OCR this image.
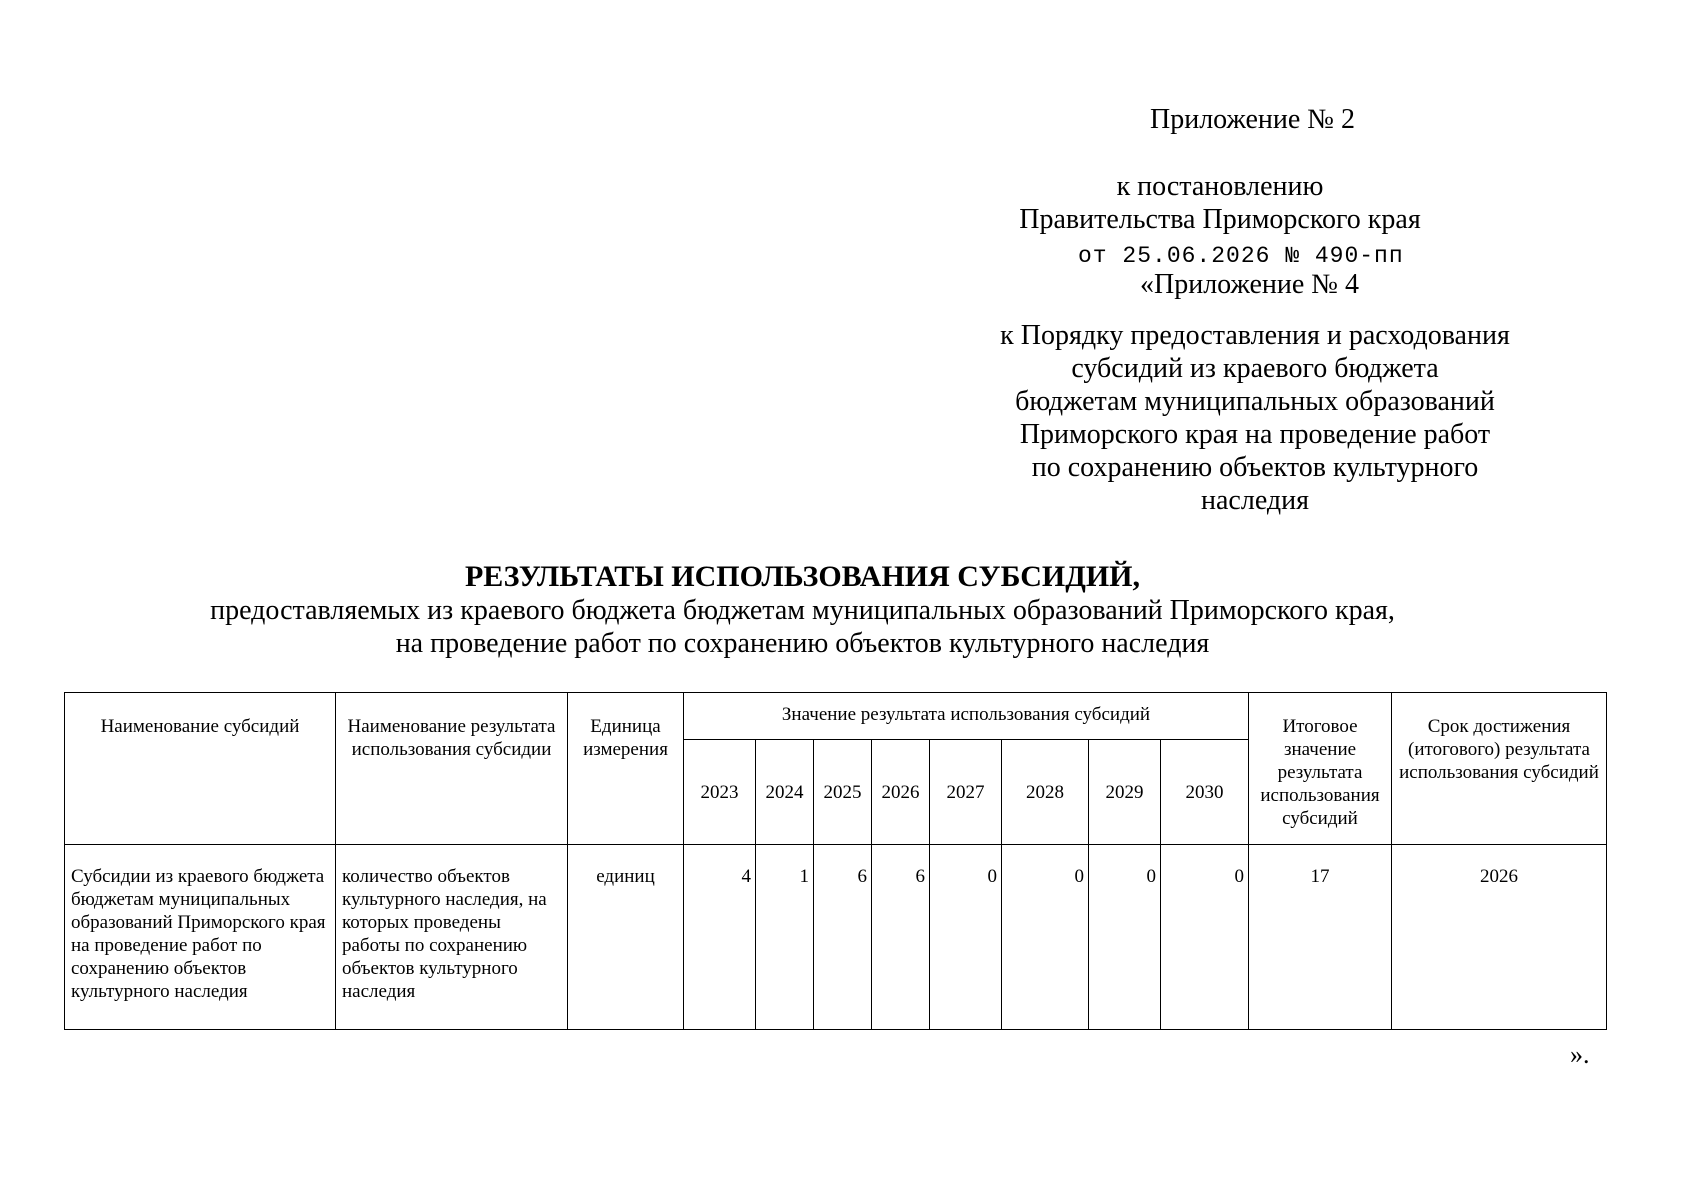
Приложение № 2
к постановлению
Правительства Приморского края
от 25.06.2026 № 490-пп
«Приложение № 4
к Порядку предоставления и расходования
субсидий из краевого бюджета
бюджетам муниципальных образований
Приморского края на проведение работ
по сохранению объектов культурного
наследия
РЕЗУЛЬТАТЫ ИСПОЛЬЗОВАНИЯ СУБСИДИЙ,
предоставляемых из краевого бюджета бюджетам муниципальных образований Приморского края,
на проведение работ по сохранению объектов культурного наследия
Наименование субсидий	Наименование результата использования субсидии	Единица измерения	Значение результата использования субсидий								Итоговое значение результата использования субсидий	Срок достижения (итогового) результата использования субсидий
			2023	2024	2025	2026	2027	2028	2029	2030		
Субсидии из краевого бюджета бюджетам муниципальных образований Приморского края на проведение работ по сохранению объектов культурного наследия	количество объектов культурного наследия, на которых проведены работы по сохранению объектов культурного наследия	единиц	4	1	6	6	0	0	0	0	17	2026
».
